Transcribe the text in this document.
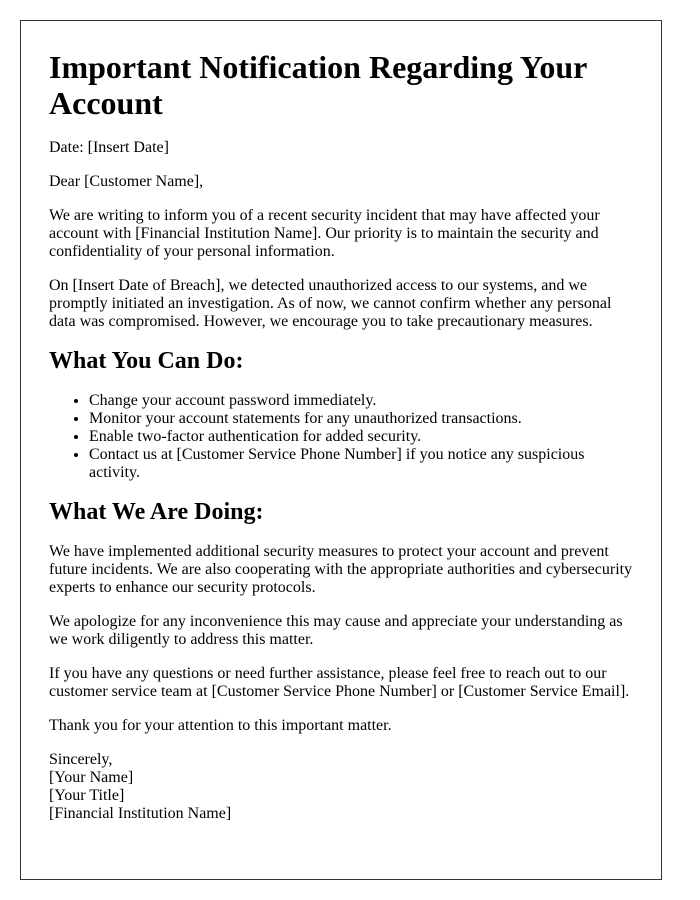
Important Notification Regarding Your Account

Date: [Insert Date]

Dear [Customer Name],

We are writing to inform you of a recent security incident that may have affected your account with [Financial Institution Name]. Our priority is to maintain the security and confidentiality of your personal information.

On [Insert Date of Breach], we detected unauthorized access to our systems, and we promptly initiated an investigation. As of now, we cannot confirm whether any personal data was compromised. However, we encourage you to take precautionary measures.

What You Can Do:
• Change your account password immediately.
• Monitor your account statements for any unauthorized transactions.
• Enable two-factor authentication for added security.
• Contact us at [Customer Service Phone Number] if you notice any suspicious activity.
What We Are Doing:

We have implemented additional security measures to protect your account and prevent future incidents. We are also cooperating with the appropriate authorities and cybersecurity experts to enhance our security protocols.

We apologize for any inconvenience this may cause and appreciate your understanding as we work diligently to address this matter.

If you have any questions or need further assistance, please feel free to reach out to our customer service team at [Customer Service Phone Number] or [Customer Service Email].

Thank you for your attention to this important matter.

Sincerely,
[Your Name]
[Your Title]
[Financial Institution Name]
